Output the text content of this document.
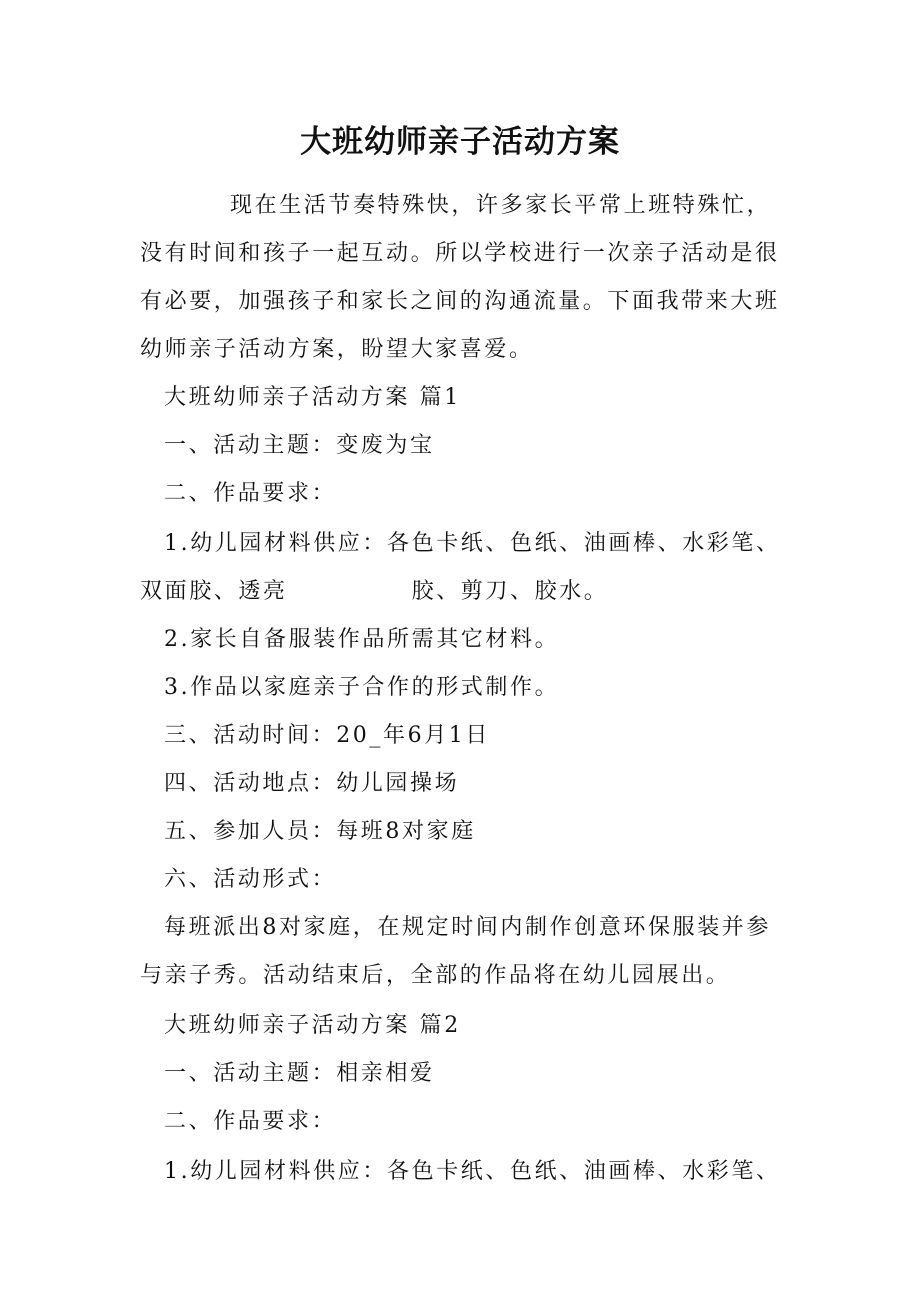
大班幼师亲子活动方案
现在生活节奏特殊快，许多家长平常上班特殊忙，
没有时间和孩子一起互动。所以学校进行一次亲子活动是很
有必要，加强孩子和家长之间的沟通流量。下面我带来大班
幼师亲子活动方案，盼望大家喜爱。
大班幼师亲子活动方案 篇1
一、活动主题：变废为宝
二、作品要求：
1.幼儿园材料供应：各色卡纸、色纸、油画棒、水彩笔、
双面胶、透亮	胶、剪刀、胶水。
2.家长自备服装作品所需其它材料。
3.作品以家庭亲子合作的形式制作。
三、活动时间：20_年6月1日
四、活动地点：幼儿园操场
五、参加人员：每班8对家庭
六、活动形式：
每班派出8对家庭，在规定时间内制作创意环保服装并参
与亲子秀。活动结束后，全部的作品将在幼儿园展出。
大班幼师亲子活动方案 篇2
一、活动主题：相亲相爱
二、作品要求：
1.幼儿园材料供应：各色卡纸、色纸、油画棒、水彩笔、
